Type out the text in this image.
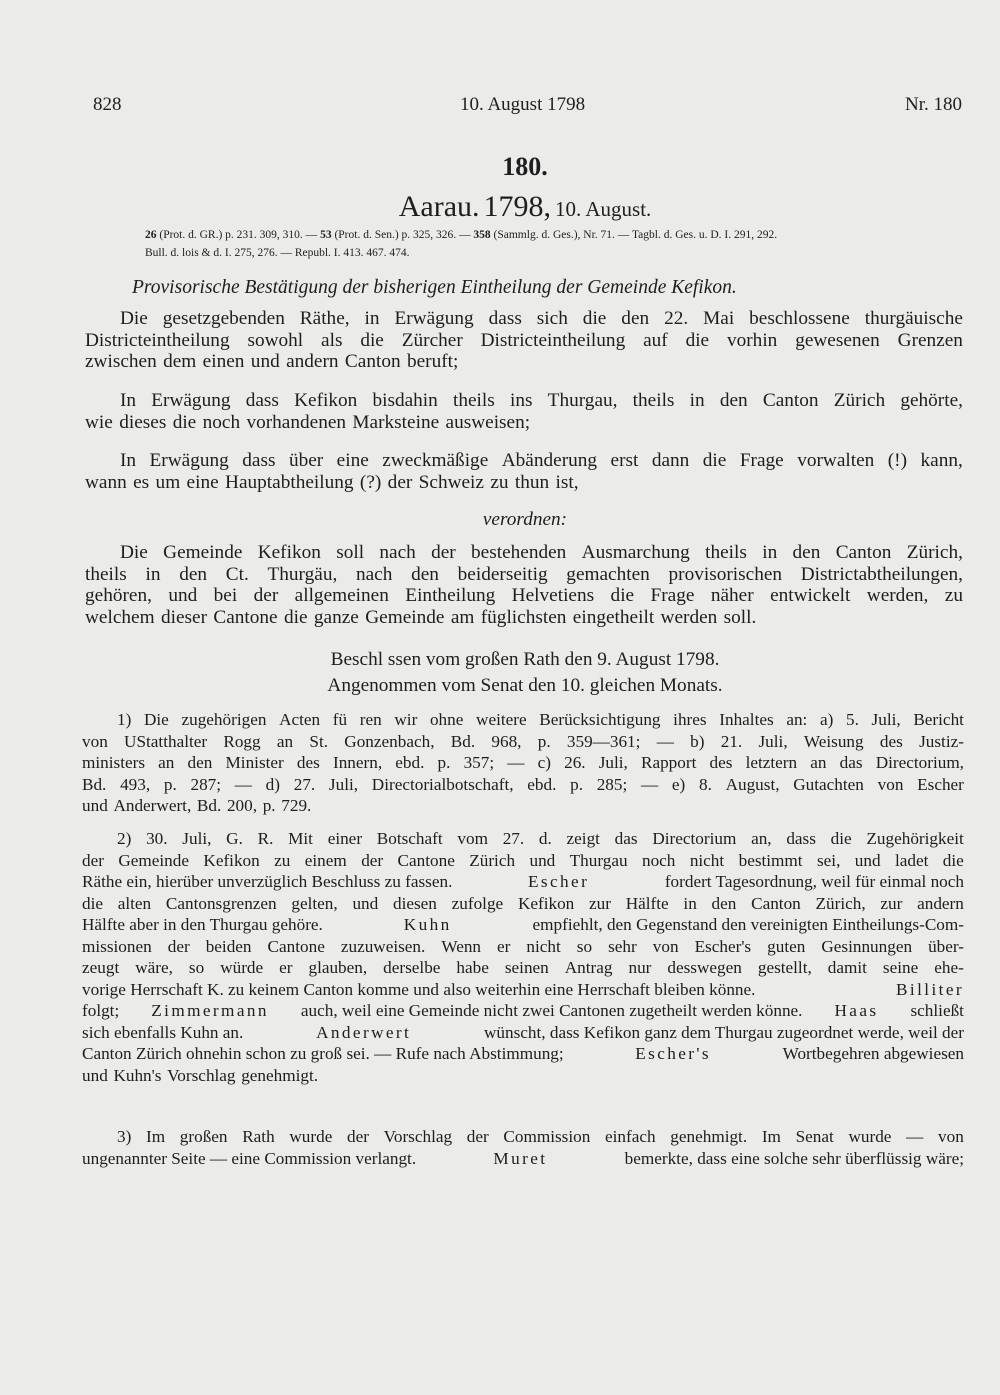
828	10. August 1798	Nr. 180
180.
Aarau. 1798, 10. August.
26 (Prot. d. GR.) p. 231. 309, 310. — 53 (Prot. d. Sen.) p. 325, 326. — 358 (Sammlg. d. Ges.), Nr. 71. — Tagbl. d. Ges. u. D. I. 291, 292.
Bull. d. lois & d. I. 275, 276. — Republ. I. 413. 467. 474.
Provisorische Bestätigung der bisherigen Eintheilung der Gemeinde Kefikon.
Die gesetzgebenden Räthe, in Erwägung dass sich die den 22. Mai beschlossene thurgäuische
Districteintheilung sowohl als die Zürcher Districteintheilung auf die vorhin gewesenen Grenzen
zwischen dem einen und andern Canton beruft;
In Erwägung dass Kefikon bisdahin theils ins Thurgau, theils in den Canton Zürich gehörte,
wie dieses die noch vorhandenen Marksteine ausweisen;
In Erwägung dass über eine zweckmäßige Abänderung erst dann die Frage vorwalten (!) kann,
wann es um eine Hauptabtheilung (?) der Schweiz zu thun ist,
verordnen:
Die Gemeinde Kefikon soll nach der bestehenden Ausmarchung theils in den Canton Zürich,
theils in den Ct. Thurgäu, nach den beiderseitig gemachten provisorischen Districtabtheilungen,
gehören, und bei der allgemeinen Eintheilung Helvetiens die Frage näher entwickelt werden, zu
welchem dieser Cantone die ganze Gemeinde am füglichsten eingetheilt werden soll.
Beschl ssen vom großen Rath den 9. August 1798.
Angenommen vom Senat den 10. gleichen Monats.
1) Die zugehörigen Acten fü ren wir ohne weitere Berücksichtigung ihres Inhaltes an: a) 5. Juli, Bericht
von UStatthalter Rogg an St. Gonzenbach, Bd. 968, p. 359—361; — b) 21. Juli, Weisung des Justiz-
ministers an den Minister des Innern, ebd. p. 357; — c) 26. Juli, Rapport des letztern an das Directorium,
Bd. 493, p. 287; — d) 27. Juli, Directorialbotschaft, ebd. p. 285; — e) 8. August, Gutachten von Escher
und Anderwert, Bd. 200, p. 729.
2) 30. Juli, G. R. Mit einer Botschaft vom 27. d. zeigt das Directorium an, dass die Zugehörigkeit
der Gemeinde Kefikon zu einem der Cantone Zürich und Thurgau noch nicht bestimmt sei, und ladet die
Räthe ein, hierüber unverzüglich Beschluss zu fassen.	Escher	fordert Tagesordnung, weil für einmal noch
die alten Cantonsgrenzen gelten, und diesen zufolge Kefikon zur Hälfte in den Canton Zürich, zur andern
Hälfte aber in den Thurgau gehöre.	Kuhn	empfiehlt, den Gegenstand den vereinigten Eintheilungs-Com-
missionen der beiden Cantone zuzuweisen. Wenn er nicht so sehr von Escher's guten Gesinnungen über-
zeugt wäre, so würde er glauben, derselbe habe seinen Antrag nur desswegen gestellt, damit seine ehe-
vorige Herrschaft K. zu keinem Canton komme und also weiterhin eine Herrschaft bleiben könne.	Billiter
folgt; Zimmermann auch, weil eine Gemeinde nicht zwei Cantonen zugetheilt werden könne. Haas schließt
sich ebenfalls Kuhn an.	Anderwert	wünscht, dass Kefikon ganz dem Thurgau zugeordnet werde, weil der
Canton Zürich ohnehin schon zu groß sei. — Rufe nach Abstimmung;	Escher's	Wortbegehren abgewiesen
und Kuhn's Vorschlag genehmigt.
3) Im großen Rath wurde der Vorschlag der Commission einfach genehmigt. Im Senat wurde — von
ungenannter Seite — eine Commission verlangt.	Muret	bemerkte, dass eine solche sehr überflüssig wäre;
